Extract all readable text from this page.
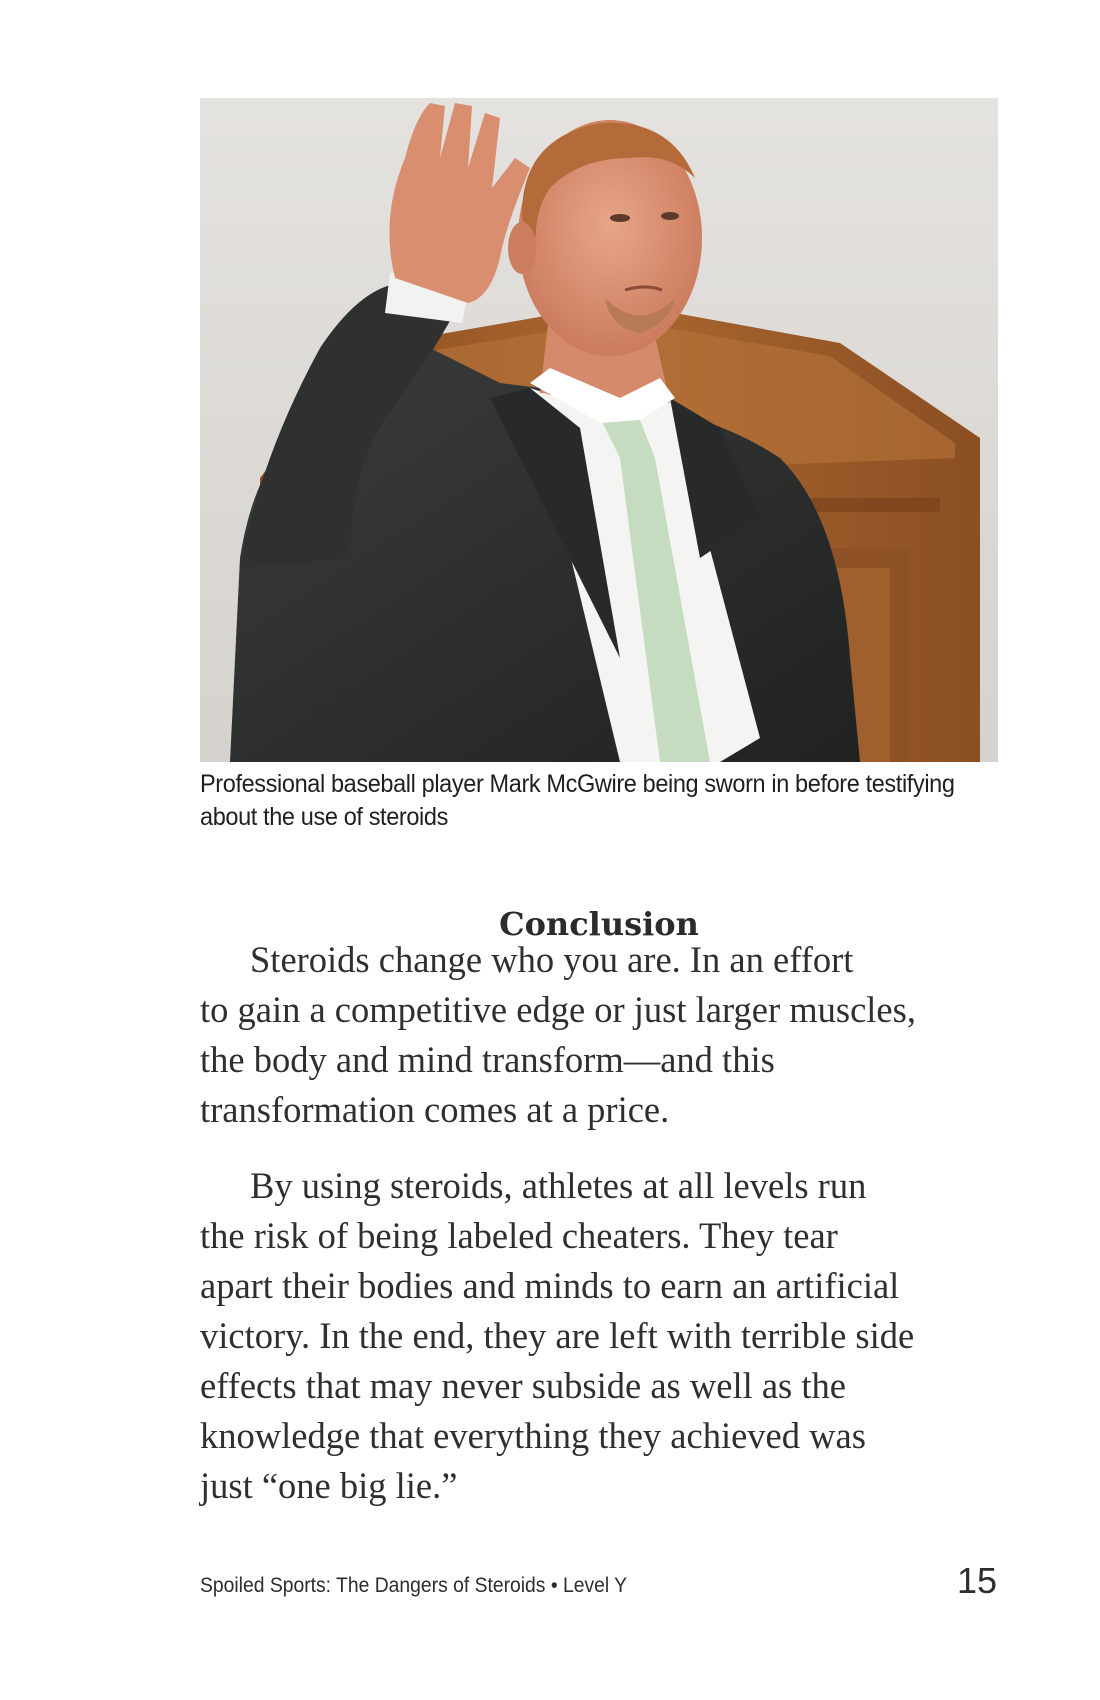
Professional baseball player Mark McGwire being sworn in before testifying about the use of steroids
Conclusion

Steroids change who you are. In an effort
to gain a competitive edge or just larger muscles,
the body and mind transform—and this
transformation comes at a price.

By using steroids, athletes at all levels run
the risk of being labeled cheaters. They tear
apart their bodies and minds to earn an artificial
victory. In the end, they are left with terrible side
effects that may never subside as well as the
knowledge that everything they achieved was
just “one big lie.”

Spoiled Sports: The Dangers of Steroids • Level Y	15
